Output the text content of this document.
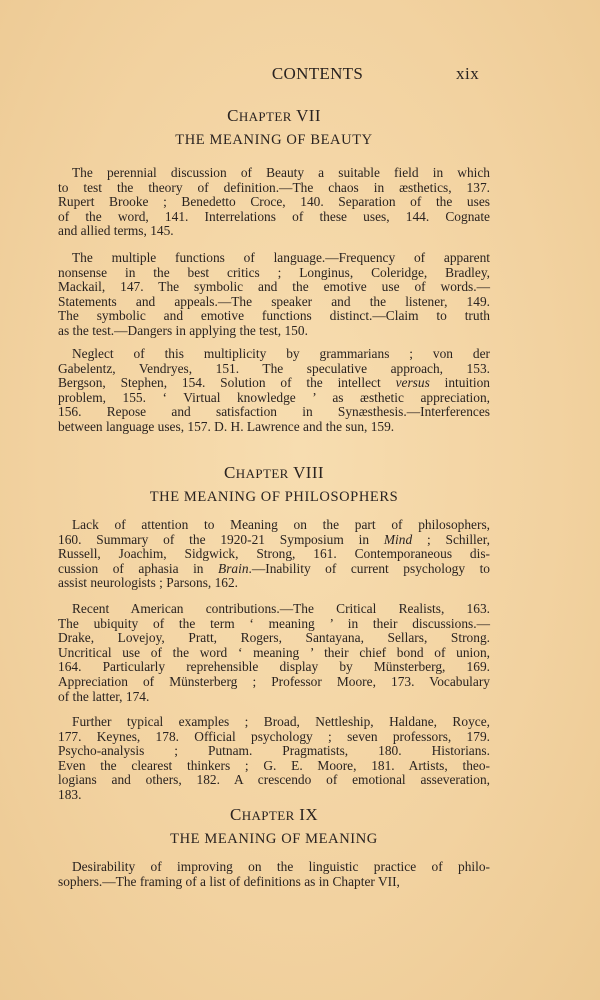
CONTENTS	xix
CHAPTER VII
THE MEANING OF BEAUTY
The perennial discussion of Beauty a suitable field in which
to test the theory of definition.—The chaos in æsthetics, 137.
Rupert Brooke ; Benedetto Croce, 140. Separation of the uses
of the word, 141. Interrelations of these uses, 144. Cognate
and allied terms, 145.
The multiple functions of language.—Frequency of apparent
nonsense in the best critics ; Longinus, Coleridge, Bradley,
Mackail, 147. The symbolic and the emotive use of words.—
Statements and appeals.—The speaker and the listener, 149.
The symbolic and emotive functions distinct.—Claim to truth
as the test.—Dangers in applying the test, 150.
Neglect of this multiplicity by grammarians ; von der
Gabelentz, Vendryes, 151. The speculative approach, 153.
Bergson, Stephen, 154. Solution of the intellect versus intuition
problem, 155. ‘ Virtual knowledge ’ as æsthetic appreciation,
156. Repose and satisfaction in Synæsthesis.—Interferences
between language uses, 157. D. H. Lawrence and the sun, 159.
CHAPTER VIII
THE MEANING OF PHILOSOPHERS
Lack of attention to Meaning on the part of philosophers,
160. Summary of the 1920-21 Symposium in Mind ; Schiller,
Russell, Joachim, Sidgwick, Strong, 161. Contemporaneous dis-
cussion of aphasia in Brain.—Inability of current psychology to
assist neurologists ; Parsons, 162.
Recent American contributions.—The Critical Realists, 163.
The ubiquity of the term ‘ meaning ’ in their discussions.—
Drake, Lovejoy, Pratt, Rogers, Santayana, Sellars, Strong.
Uncritical use of the word ‘ meaning ’ their chief bond of union,
164. Particularly reprehensible display by Münsterberg, 169.
Appreciation of Münsterberg ; Professor Moore, 173. Vocabulary
of the latter, 174.
Further typical examples ; Broad, Nettleship, Haldane, Royce,
177. Keynes, 178. Official psychology ; seven professors, 179.
Psycho-analysis ; Putnam. Pragmatists, 180. Historians.
Even the clearest thinkers ; G. E. Moore, 181. Artists, theo-
logians and others, 182. A crescendo of emotional asseveration,
183.
CHAPTER IX
THE MEANING OF MEANING
Desirability of improving on the linguistic practice of philo-
sophers.—The framing of a list of definitions as in Chapter VII,
